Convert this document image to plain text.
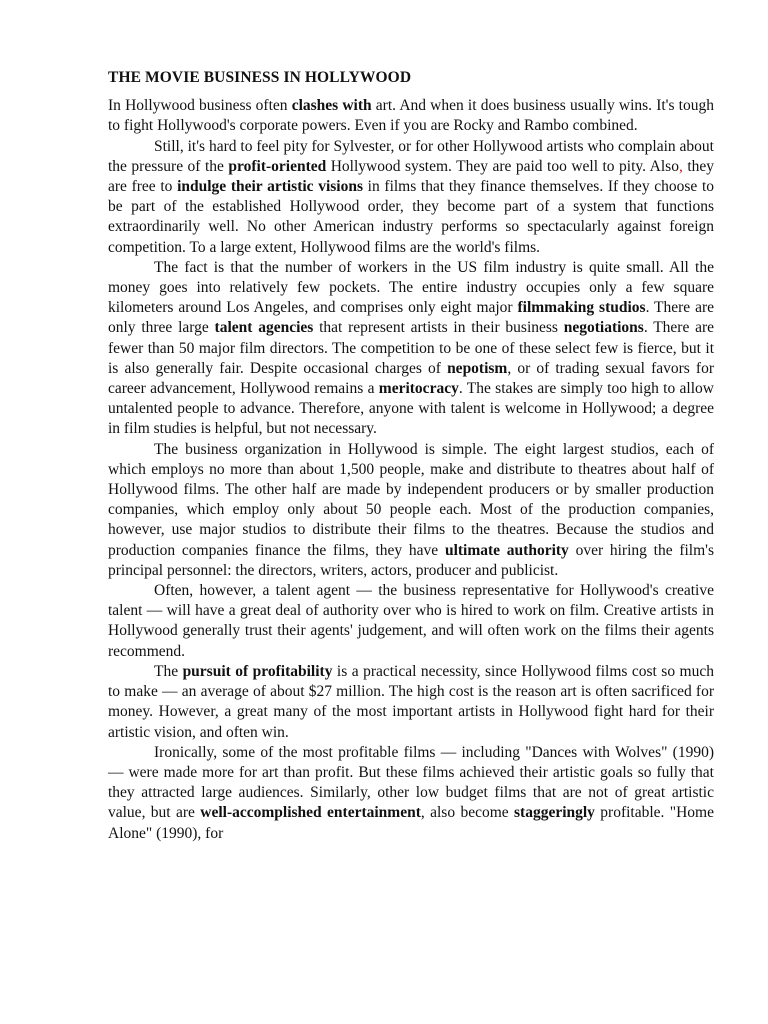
THE MOVIE BUSINESS IN HOLLYWOOD

In Hollywood business often clashes with art. And when it does business usually wins. It's tough to fight Hollywood's corporate powers. Even if you are Rocky and Rambo combined.

Still, it's hard to feel pity for Sylvester, or for other Hollywood artists who complain about the pressure of the profit-oriented Hollywood system. They are paid too well to pity. Also, they are free to indulge their artistic visions in films that they finance themselves. If they choose to be part of the established Hollywood order, they become part of a system that functions extraordinarily well. No other American industry performs so spectacularly against foreign competition. To a large extent, Hollywood films are the world's films.

The fact is that the number of workers in the US film industry is quite small. All the money goes into relatively few pockets. The entire industry occupies only a few square kilometers around Los Angeles, and comprises only eight major filmmaking studios. There are only three large talent agencies that represent artists in their business negotiations. There are fewer than 50 major film directors. The competition to be one of these select few is fierce, but it is also generally fair. Despite occasional charges of nepotism, or of trading sexual favors for career advancement, Hollywood remains a meritocracy. The stakes are simply too high to allow untalented people to advance. Therefore, anyone with talent is welcome in Hollywood; a degree in film studies is helpful, but not necessary.

The business organization in Hollywood is simple. The eight largest studios, each of which employs no more than about 1,500 people, make and distribute to theatres about half of Hollywood films. The other half are made by independent producers or by smaller production companies, which employ only about 50 people each. Most of the production companies, however, use major studios to distribute their films to the theatres. Because the studios and production companies finance the films, they have ultimate authority over hiring the film's principal personnel: the directors, writers, actors, producer and publicist.

Often, however, a talent agent — the business representative for Hollywood's creative talent — will have a great deal of authority over who is hired to work on film. Creative artists in Hollywood generally trust their agents' judgement, and will often work on the films their agents recommend.

The pursuit of profitability is a practical necessity, since Hollywood films cost so much to make — an average of about $27 million. The high cost is the reason art is often sacrificed for money. However, a great many of the most important artists in Hollywood fight hard for their artistic vision, and often win.

Ironically, some of the most profitable films — including "Dances with Wolves" (1990) — were made more for art than profit. But these films achieved their artistic goals so fully that they attracted large audiences. Similarly, other low budget films that are not of great artistic value, but are well-accomplished entertainment, also become staggeringly profitable. "Home Alone" (1990), for
